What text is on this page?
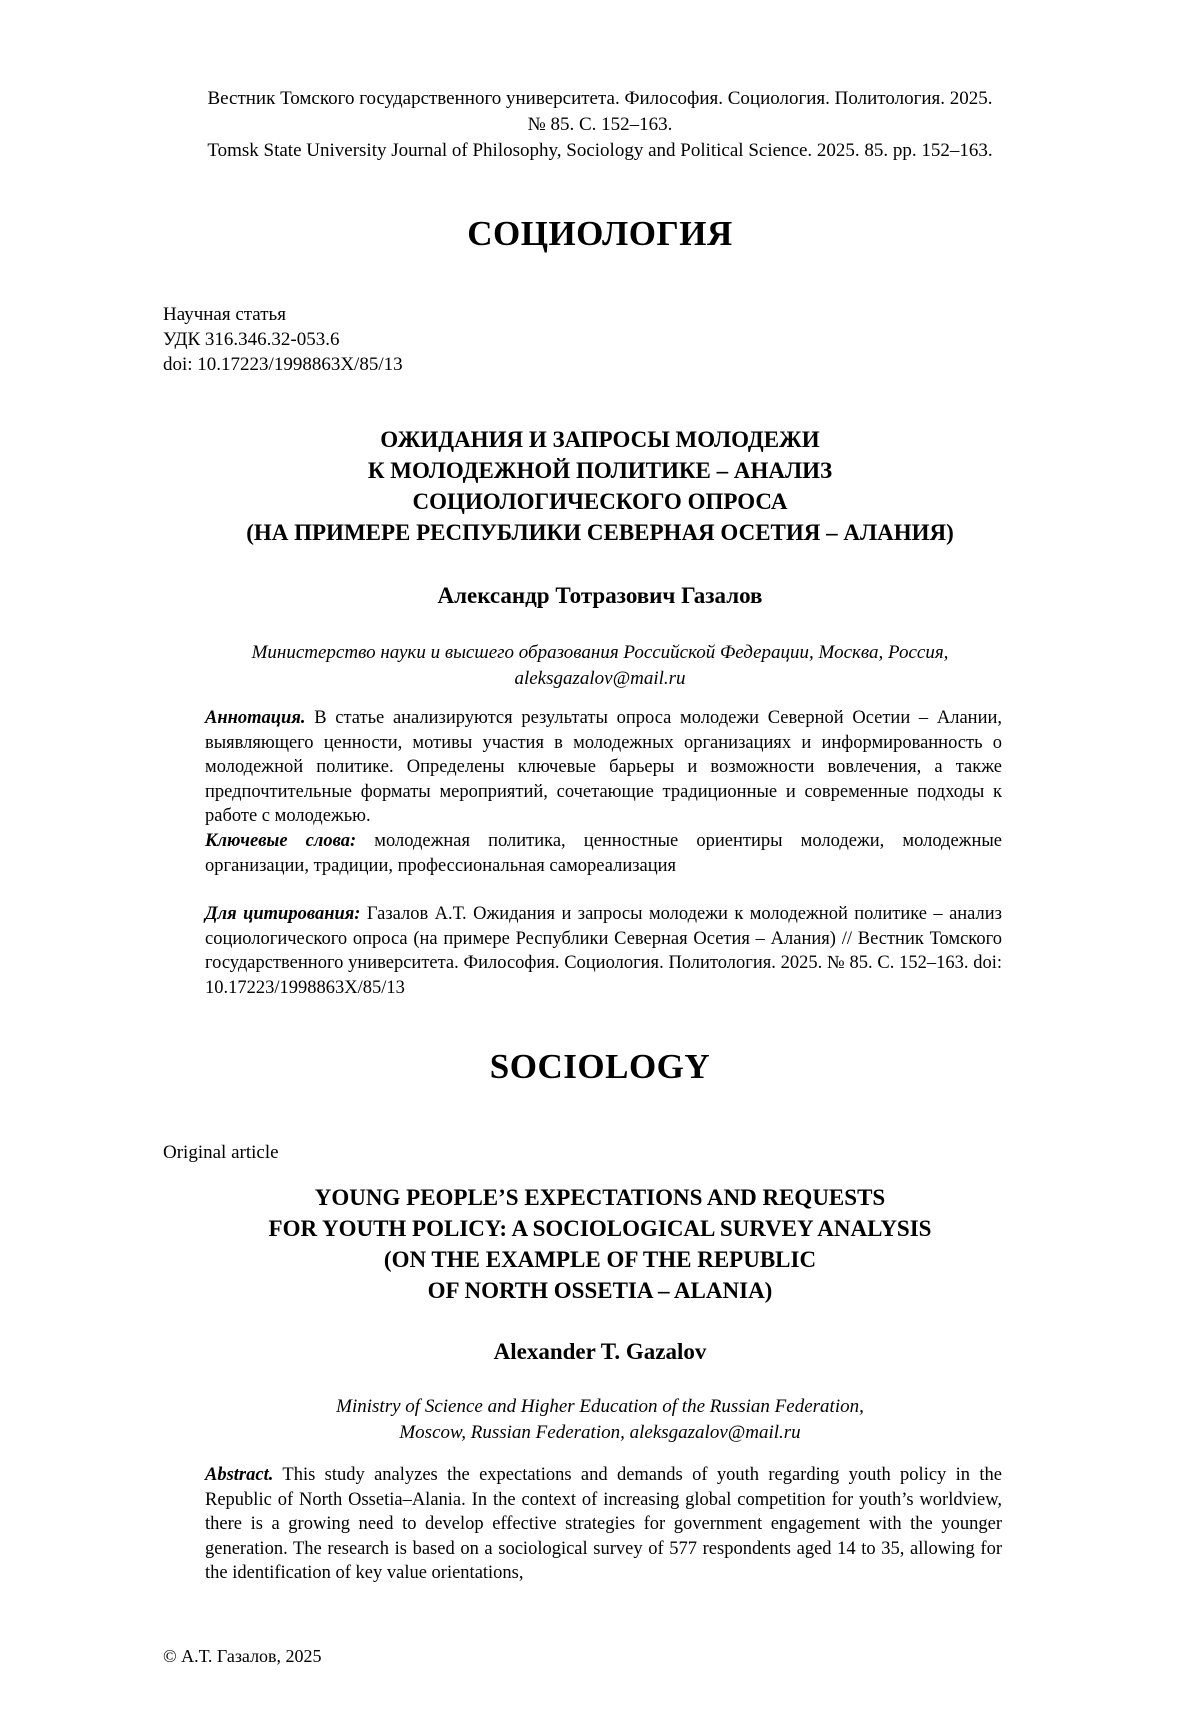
Вестник Томского государственного университета. Философия. Социология. Политология. 2025.
№ 85. С. 152–163.
Tomsk State University Journal of Philosophy, Sociology and Political Science. 2025. 85. pp. 152–163.
СОЦИОЛОГИЯ
Научная статья
УДК 316.346.32-053.6
doi: 10.17223/1998863Х/85/13
ОЖИДАНИЯ И ЗАПРОСЫ МОЛОДЕЖИ
К МОЛОДЕЖНОЙ ПОЛИТИКЕ – АНАЛИЗ
СОЦИОЛОГИЧЕСКОГО ОПРОСА
(НА ПРИМЕРЕ РЕСПУБЛИКИ СЕВЕРНАЯ ОСЕТИЯ – АЛАНИЯ)
Александр Тотразович Газалов
Министерство науки и высшего образования Российской Федерации, Москва, Россия,
aleksgazalov@mail.ru
Аннотация. В статье анализируются результаты опроса молодежи Северной Осетии – Алании, выявляющего ценности, мотивы участия в молодежных организациях и информированность о молодежной политике. Определены ключевые барьеры и возможности вовлечения, а также предпочтительные форматы мероприятий, сочетающие традиционные и современные подходы к работе с молодежью.
Ключевые слова: молодежная политика, ценностные ориентиры молодежи, молодежные организации, традиции, профессиональная самореализация
Для цитирования: Газалов А.Т. Ожидания и запросы молодежи к молодежной политике – анализ социологического опроса (на примере Республики Северная Осетия – Алания) // Вестник Томского государственного университета. Философия. Социология. Политология. 2025. № 85. С. 152–163. doi: 10.17223/1998863Х/85/13
SOCIOLOGY
Original article
YOUNG PEOPLE’S EXPECTATIONS AND REQUESTS
FOR YOUTH POLICY: A SOCIOLOGICAL SURVEY ANALYSIS
(ON THE EXAMPLE OF THE REPUBLIC
OF NORTH OSSETIA – ALANIA)
Alexander T. Gazalov
Ministry of Science and Higher Education of the Russian Federation,
Moscow, Russian Federation, aleksgazalov@mail.ru
Abstract. This study analyzes the expectations and demands of youth regarding youth policy in the Republic of North Ossetia–Alania. In the context of increasing global competition for youth’s worldview, there is a growing need to develop effective strategies for government engagement with the younger generation. The research is based on a sociological survey of 577 respondents aged 14 to 35, allowing for the identification of key value orientations,
© А.Т. Газалов, 2025
